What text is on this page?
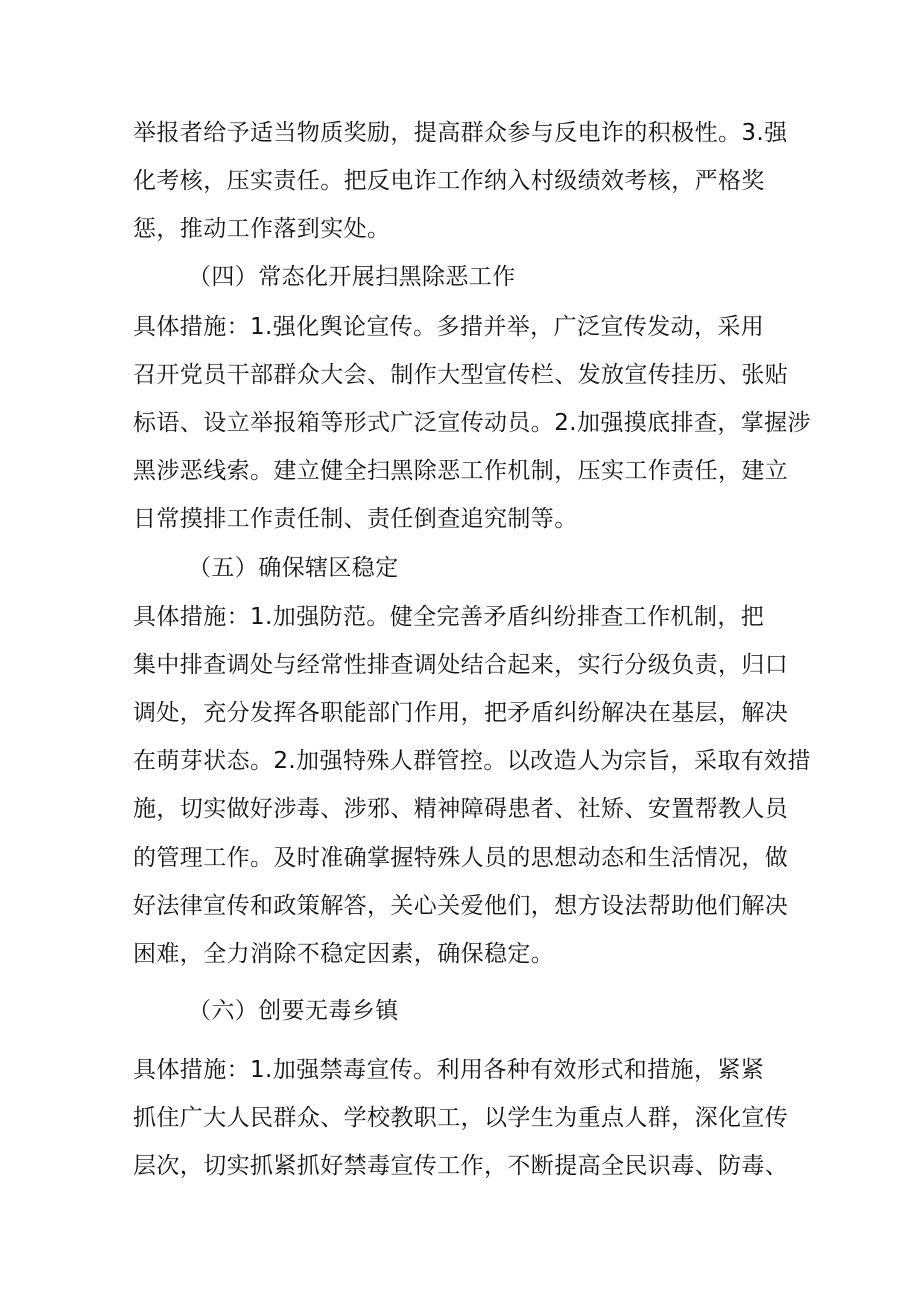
举报者给予适当物质奖励，提高群众参与反电诈的积极性。3.强
化考核，压实责任。把反电诈工作纳入村级绩效考核，严格奖
惩，推动工作落到实处。
（四）常态化开展扫黑除恶工作
具体措施：1.强化舆论宣传。多措并举，广泛宣传发动，采用
召开党员干部群众大会、制作大型宣传栏、发放宣传挂历、张贴
标语、设立举报箱等形式广泛宣传动员。2.加强摸底排查，掌握涉
黑涉恶线索。建立健全扫黑除恶工作机制，压实工作责任，建立
日常摸排工作责任制、责任倒查追究制等。
（五）确保辖区稳定
具体措施：1.加强防范。健全完善矛盾纠纷排查工作机制，把
集中排查调处与经常性排查调处结合起来，实行分级负责，归口
调处，充分发挥各职能部门作用，把矛盾纠纷解决在基层，解决
在萌芽状态。2.加强特殊人群管控。以改造人为宗旨，采取有效措
施，切实做好涉毒、涉邪、精神障碍患者、社矫、安置帮教人员
的管理工作。及时准确掌握特殊人员的思想动态和生活情况，做
好法律宣传和政策解答，关心关爱他们，想方设法帮助他们解决
困难，全力消除不稳定因素，确保稳定。
（六）创要无毒乡镇
具体措施：1.加强禁毒宣传。利用各种有效形式和措施，紧紧
抓住广大人民群众、学校教职工，以学生为重点人群，深化宣传
层次，切实抓紧抓好禁毒宣传工作，不断提高全民识毒、防毒、
